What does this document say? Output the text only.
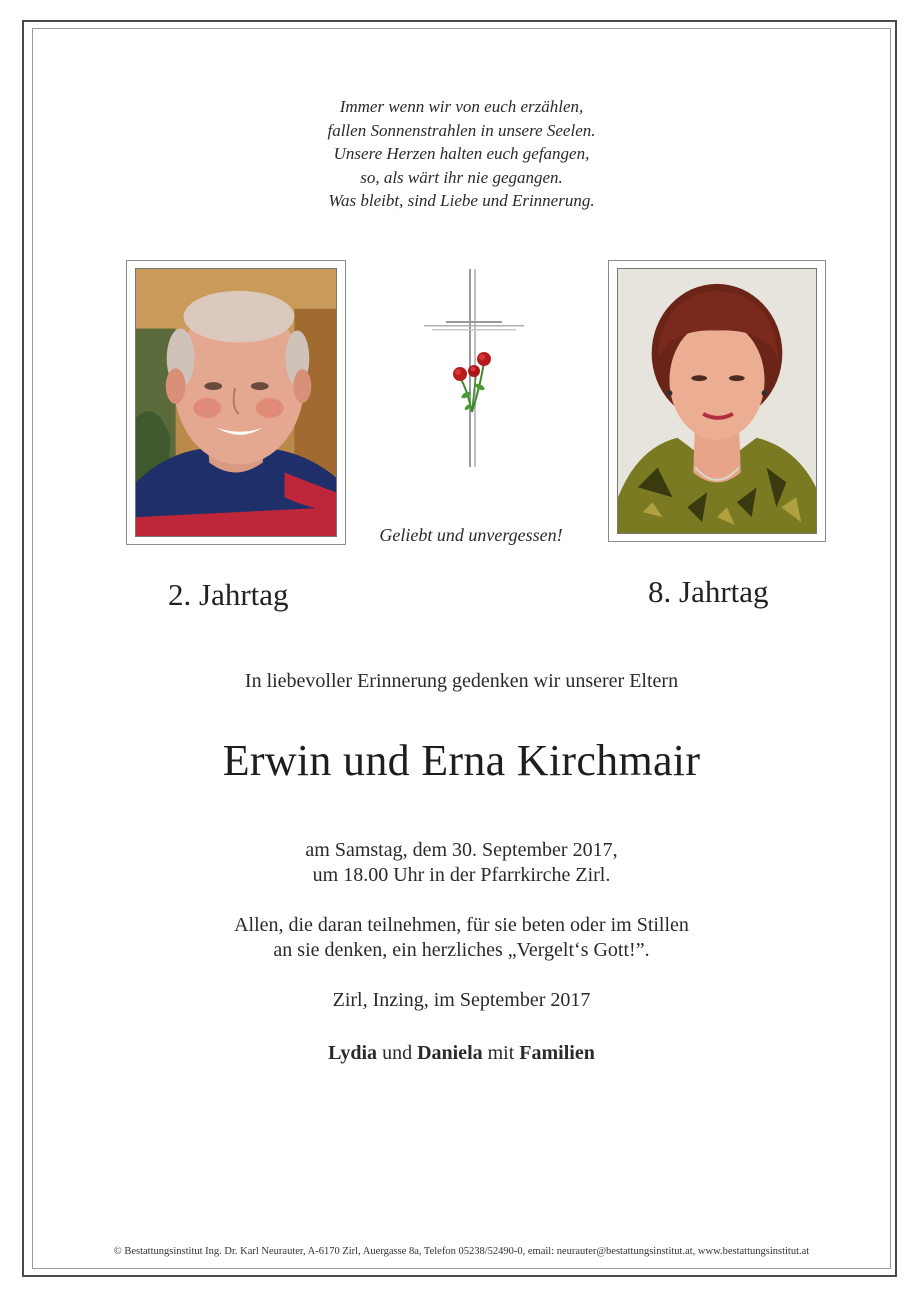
Immer wenn wir von euch erzählen,
fallen Sonnenstrahlen in unsere Seelen.
Unsere Herzen halten euch gefangen,
so, als wärt ihr nie gegangen.
Was bleibt, sind Liebe und Erinnerung.
Geliebt und unvergessen!
2. Jahrtag	8. Jahrtag
In liebevoller Erinnerung gedenken wir unserer Eltern
Erwin und Erna Kirchmair
am Samstag, dem 30. September 2017,
um 18.00 Uhr in der Pfarrkirche Zirl.
Allen, die daran teilnehmen, für sie beten oder im Stillen
an sie denken, ein herzliches „Vergelt‘s Gott!”.
Zirl, Inzing, im September 2017
Lydia und Daniela mit Familien
© Bestattungsinstitut Ing. Dr. Karl Neurauter, A-6170 Zirl, Auergasse 8a, Telefon 05238/52490-0, email: neurauter@bestattungsinstitut.at, www.bestattungsinstitut.at
